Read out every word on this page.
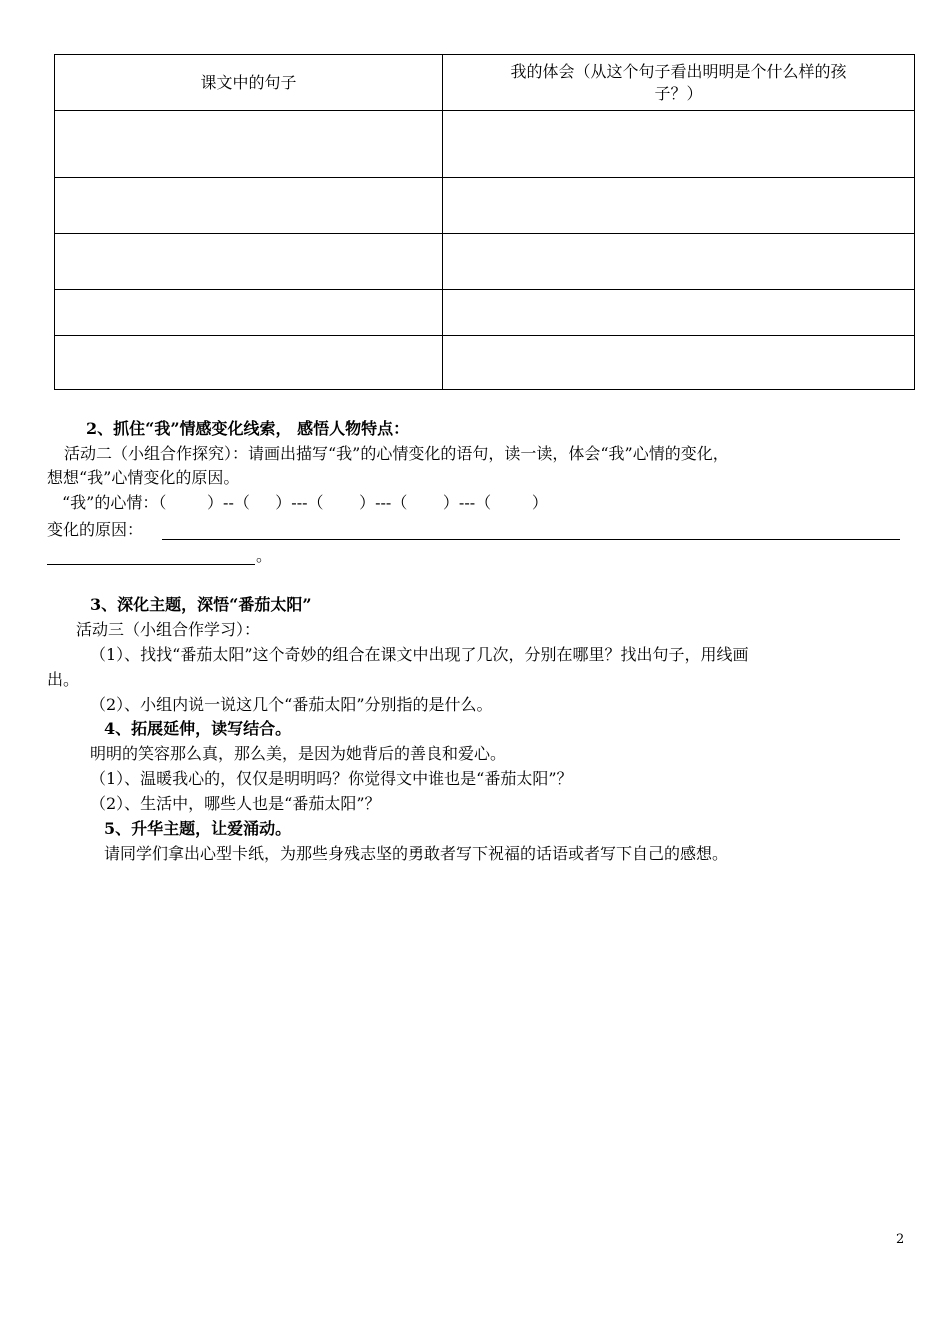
课文中的句子	我的体会（从这个句子看出明明是个什么样的孩
子？）

2、抓住“我”情感变化线索， 感悟人物特点：
活动二（小组合作探究）：请画出描写“我”的心情变化的语句，读一读，体会“我”心情的变化，
想想“我”心情变化的原因。
“我”的心情：（        ）--（     ）---（       ）---（       ）---（        ）
变化的原因：
。
3、深化主题，深悟“番茄太阳”
活动三（小组合作学习）：
（1）、找找“番茄太阳”这个奇妙的组合在课文中出现了几次，分别在哪里？找出句子，用线画
出。
（2）、小组内说一说这几个“番茄太阳”分别指的是什么。
4、拓展延伸，读写结合。
明明的笑容那么真，那么美，是因为她背后的善良和爱心。
（1）、温暖我心的，仅仅是明明吗？你觉得文中谁也是“番茄太阳”？
（2）、生活中，哪些人也是“番茄太阳”？
5、升华主题，让爱涌动。
请同学们拿出心型卡纸，为那些身残志坚的勇敢者写下祝福的话语或者写下自己的感想。
2
